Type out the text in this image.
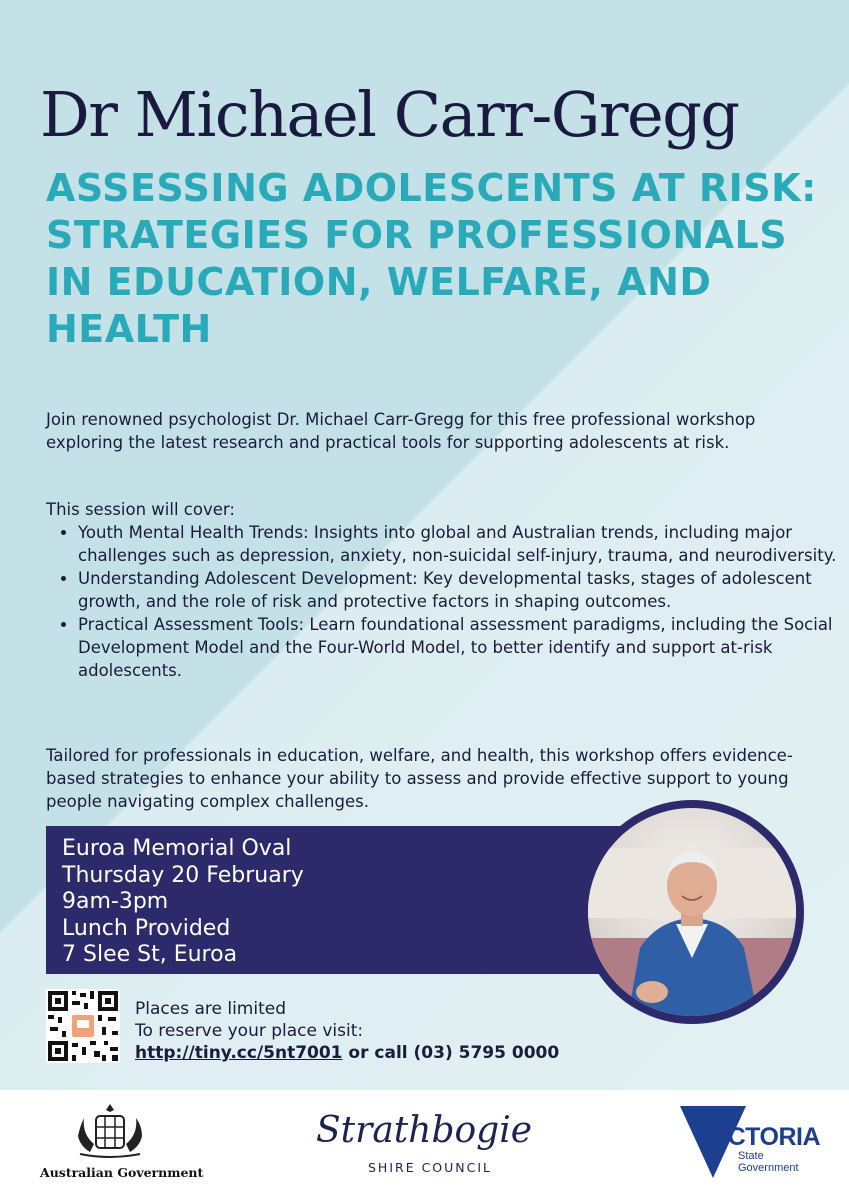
Dr Michael Carr-Gregg
ASSESSING ADOLESCENTS AT RISK: STRATEGIES FOR PROFESSIONALS IN EDUCATION, WELFARE, AND HEALTH

Join renowned psychologist Dr. Michael Carr-Gregg for this free professional workshop exploring the latest research and practical tools for supporting adolescents at risk.

This session will cover:

• Youth Mental Health Trends: Insights into global and Australian trends, including major challenges such as depression, anxiety, non-suicidal self-injury, trauma, and neurodiversity.
• Understanding Adolescent Development: Key developmental tasks, stages of adolescent growth, and the role of risk and protective factors in shaping outcomes.
• Practical Assessment Tools: Learn foundational assessment paradigms, including the Social Development Model and the Four-World Model, to better identify and support at-risk adolescents.

Tailored for professionals in education, welfare, and health, this workshop offers evidence-based strategies to enhance your ability to assess and provide effective support to young people navigating complex challenges.

Euroa Memorial Oval
Thursday 20 February
9am-3pm
Lunch Provided
7 Slee St, Euroa
Places are limited
To reserve your place visit:
http://tiny.cc/5nt7001 or call (03) 5795 0000
Australian Government
Strathbogie
SHIRE COUNCIL
VICTORIA
State
Government
